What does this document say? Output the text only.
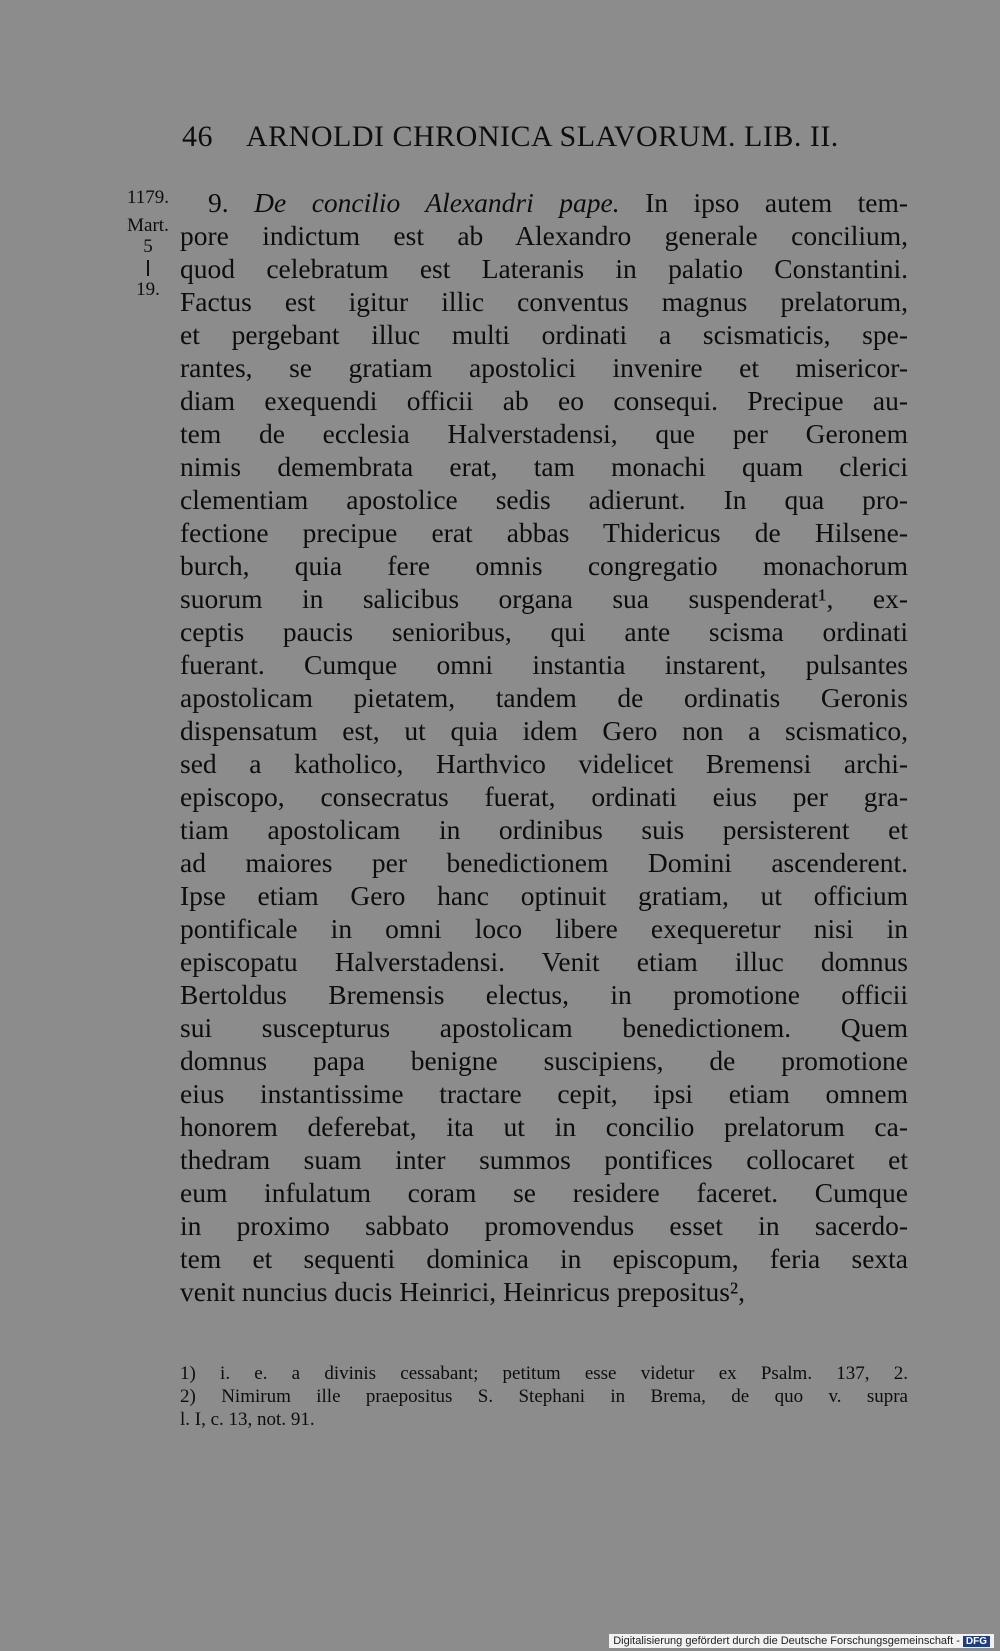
46 ARNOLDI CHRONICA SLAVORUM. LIB. II.
1179.
Mart.
5
19.
9. De concilio Alexandri pape. In ipso autem tem-
pore indictum est ab Alexandro generale concilium,
quod celebratum est Lateranis in palatio Constantini.
Factus est igitur illic conventus magnus prelatorum,
et pergebant illuc multi ordinati a scismaticis, spe-
rantes, se gratiam apostolici invenire et misericor-
diam exequendi officii ab eo consequi. Precipue au-
tem de ecclesia Halverstadensi, que per Geronem
nimis demembrata erat, tam monachi quam clerici
clementiam apostolice sedis adierunt. In qua pro-
fectione precipue erat abbas Thidericus de Hilsene-
burch, quia fere omnis congregatio monachorum
suorum in salicibus organa sua suspenderat¹, ex-
ceptis paucis senioribus, qui ante scisma ordinati
fuerant. Cumque omni instantia instarent, pulsantes
apostolicam pietatem, tandem de ordinatis Geronis
dispensatum est, ut quia idem Gero non a scismatico,
sed a katholico, Harthvico videlicet Bremensi archi-
episcopo, consecratus fuerat, ordinati eius per gra-
tiam apostolicam in ordinibus suis persisterent et
ad maiores per benedictionem Domini ascenderent.
Ipse etiam Gero hanc optinuit gratiam, ut officium
pontificale in omni loco libere exequeretur nisi in
episcopatu Halverstadensi. Venit etiam illuc domnus
Bertoldus Bremensis electus, in promotione officii
sui suscepturus apostolicam benedictionem. Quem
domnus papa benigne suscipiens, de promotione
eius instantissime tractare cepit, ipsi etiam omnem
honorem deferebat, ita ut in concilio prelatorum ca-
thedram suam inter summos pontifices collocaret et
eum infulatum coram se residere faceret. Cumque
in proximo sabbato promovendus esset in sacerdo-
tem et sequenti dominica in episcopum, feria sexta
venit nuncius ducis Heinrici, Heinricus prepositus²,
1) i. e. a divinis cessabant; petitum esse videtur ex Psalm. 137, 2.
2) Nimirum ille praepositus S. Stephani in Brema, de quo v. supra
l. I, c. 13, not. 91.
Digitalisierung gefördert durch die Deutsche Forschungsgemeinschaft - DFG
